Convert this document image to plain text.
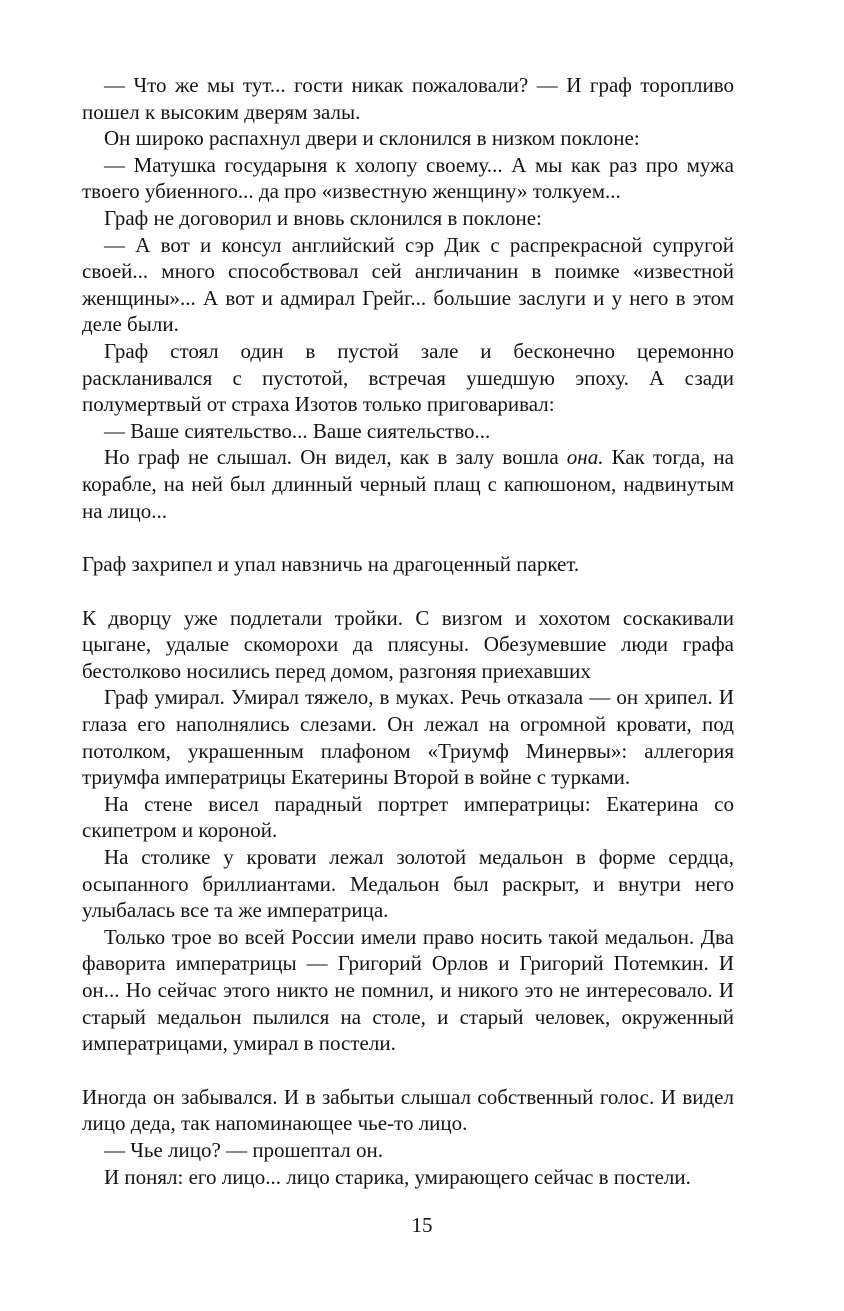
— Что же мы тут... гости никак пожаловали? — И граф торопливо пошел к высоким дверям залы.

Он широко распахнул двери и склонился в низком поклоне:

— Матушка государыня к холопу своему... А мы как раз про мужа твоего убиенного... да про «известную женщину» толкуем...

Граф не договорил и вновь склонился в поклоне:

— А вот и консул английский сэр Дик с распрекрасной супругой своей... много способствовал сей англичанин в поимке «известной женщины»... А вот и адмирал Грейг... большие заслуги и у него в этом деле были.

Граф стоял один в пустой зале и бесконечно церемонно раскланивался с пустотой, встречая ушедшую эпоху. А сзади полумертвый от страха Изотов только приговаривал:

— Ваше сиятельство... Ваше сиятельство...

Но граф не слышал. Он видел, как в залу вошла она. Как тогда, на корабле, на ней был длинный черный плащ с капюшоном, надвинутым на лицо...

Граф захрипел и упал навзничь на драгоценный паркет.

К дворцу уже подлетали тройки. С визгом и хохотом соскакивали цыгане, удалые скоморохи да плясуны. Обезумевшие люди графа бестолково носились перед домом, разгоняя приехавших

Граф умирал. Умирал тяжело, в муках. Речь отказала — он хрипел. И глаза его наполнялись слезами. Он лежал на огромной кровати, под потолком, украшенным плафоном «Триумф Минервы»: аллегория триумфа императрицы Екатерины Второй в войне с турками.

На стене висел парадный портрет императрицы: Екатерина со скипетром и короной.

На столике у кровати лежал золотой медальон в форме сердца, осыпанного бриллиантами. Медальон был раскрыт, и внутри него улыбалась все та же императрица.

Только трое во всей России имели право носить такой медальон. Два фаворита императрицы — Григорий Орлов и Григорий Потемкин. И он... Но сейчас этого никто не помнил, и никого это не интересовало. И старый медальон пылился на столе, и старый человек, окруженный императрицами, умирал в постели.

Иногда он забывался. И в забытьи слышал собственный голос. И видел лицо деда, так напоминающее чье-то лицо.

— Чье лицо? — прошептал он.

И понял: его лицо... лицо старика, умирающего сейчас в постели.

15
